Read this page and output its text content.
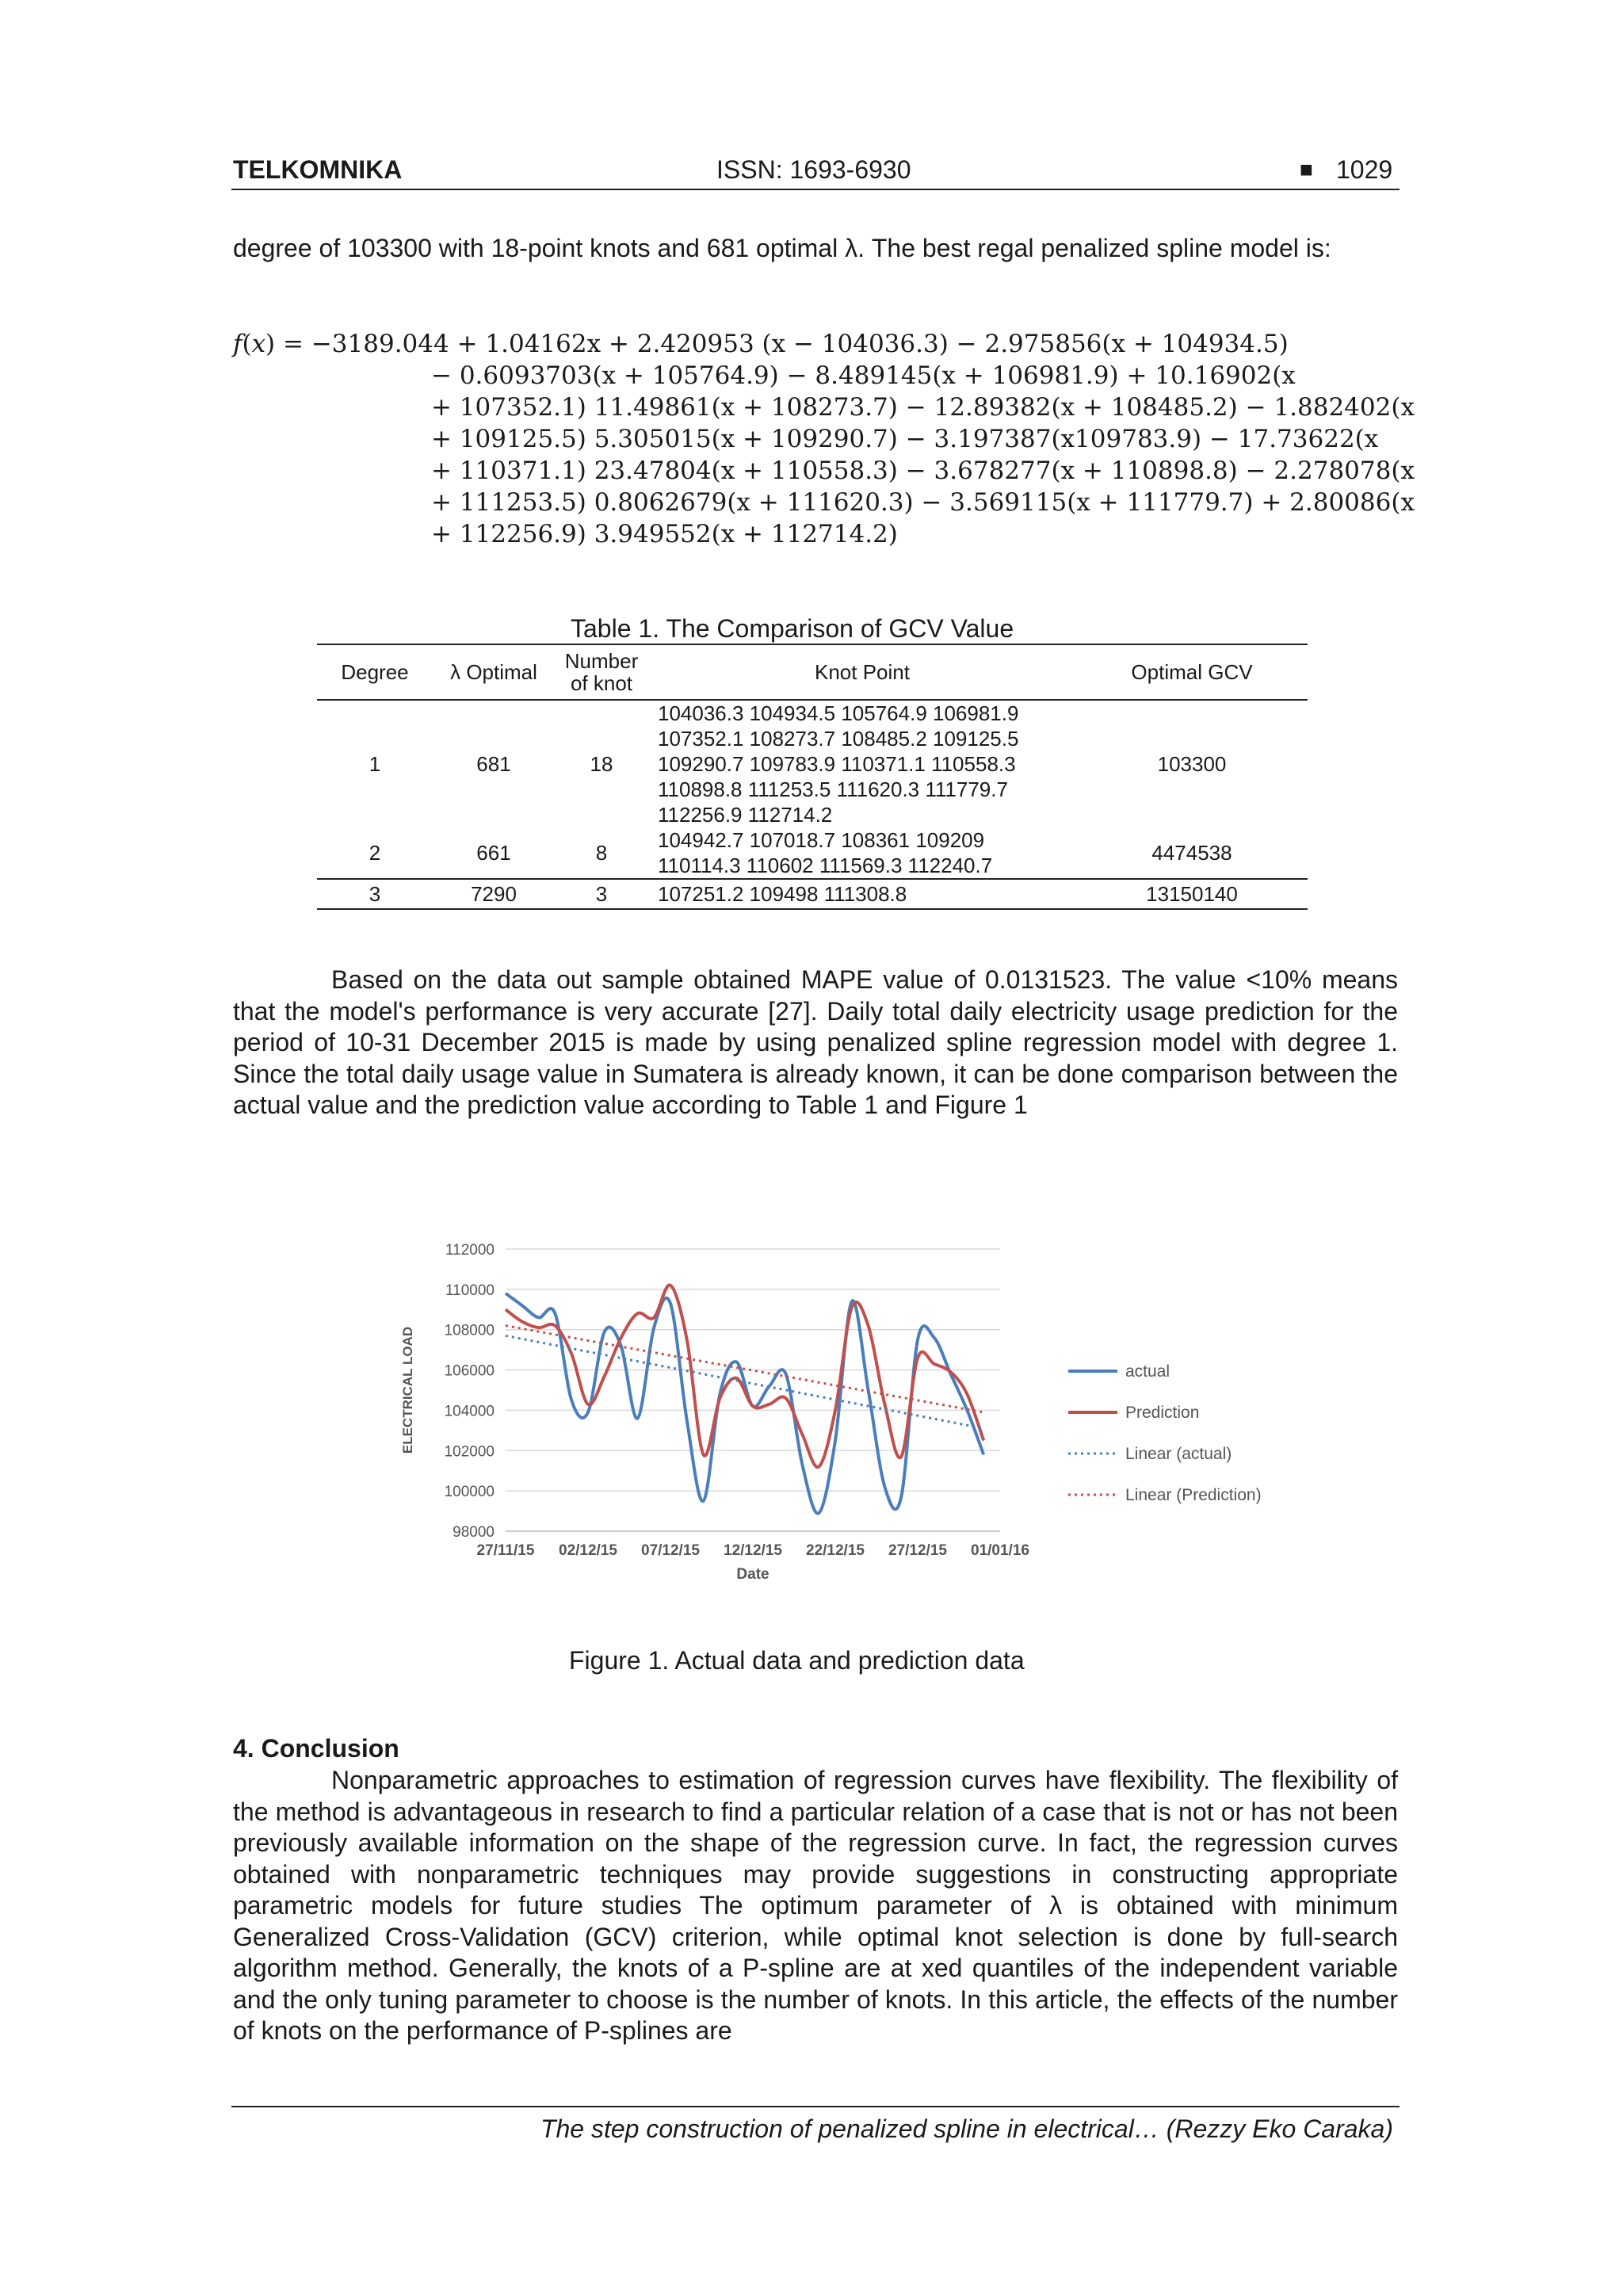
TELKOMNIKA	ISSN: 1693-6930	■ 1029
degree of 103300 with 18-point knots and 681 optimal λ. The best regal penalized spline model is:
𝑓(𝑥) = −3189.044 + 1.04162x + 2.420953 (x − 104036.3) − 2.975856(x + 104934.5)
− 0.6093703(x + 105764.9) − 8.489145(x + 106981.9) + 10.16902(x
+ 107352.1) 11.49861(x + 108273.7) − 12.89382(x + 108485.2) − 1.882402(x
+ 109125.5) 5.305015(x + 109290.7) − 3.197387(x109783.9) − 17.73622(x
+ 110371.1) 23.47804(x + 110558.3) − 3.678277(x + 110898.8) − 2.278078(x
+ 111253.5) 0.8062679(x + 111620.3) − 3.569115(x + 111779.7) + 2.80086(x
+ 112256.9) 3.949552(x + 112714.2)
Table 1. The Comparison of GCV Value
Degree	λ Optimal	Number of knot	Knot Point	Optimal GCV
1	681	18	104036.3 104934.5 105764.9 106981.9
107352.1 108273.7 108485.2 109125.5
109290.7 109783.9 110371.1 110558.3
110898.8 111253.5 111620.3 111779.7
112256.9 112714.2	103300
2	661	8	104942.7 107018.7 108361 109209
110114.3 110602 111569.3 112240.7	4474538
3	7290	3	107251.2 109498 111308.8	13150140
Based on the data out sample obtained MAPE value of 0.0131523. The value <10% means that the model's performance is very accurate [27]. Daily total daily electricity usage prediction for the period of 10-31 December 2015 is made by using penalized spline regression model with degree 1. Since the total daily usage value in Sumatera is already known, it can be done comparison between the actual value and the prediction value according to Table 1 and Figure 1
112000
110000
108000
106000
104000
102000
100000
98000
27/11/15 02/12/15 07/12/15 12/12/15 22/12/15 27/12/15 01/01/16
Date
ELECTRICAL LOAD	actual
Prediction
Linear (actual)
Linear (Prediction)
Figure 1. Actual data and prediction data
4. Conclusion
Nonparametric approaches to estimation of regression curves have flexibility. The flexibility of the method is advantageous in research to find a particular relation of a case that is not or has not been previously available information on the shape of the regression curve. In fact, the regression curves obtained with nonparametric techniques may provide suggestions in constructing appropriate parametric models for future studies The optimum parameter of λ is obtained with minimum Generalized Cross-Validation (GCV) criterion, while optimal knot selection is done by full-search algorithm method. Generally, the knots of a P-spline are at xed quantiles of the independent variable and the only tuning parameter to choose is the number of knots. In this article, the effects of the number of knots on the performance of P-splines are
The step construction of penalized spline in electrical… (Rezzy Eko Caraka)
